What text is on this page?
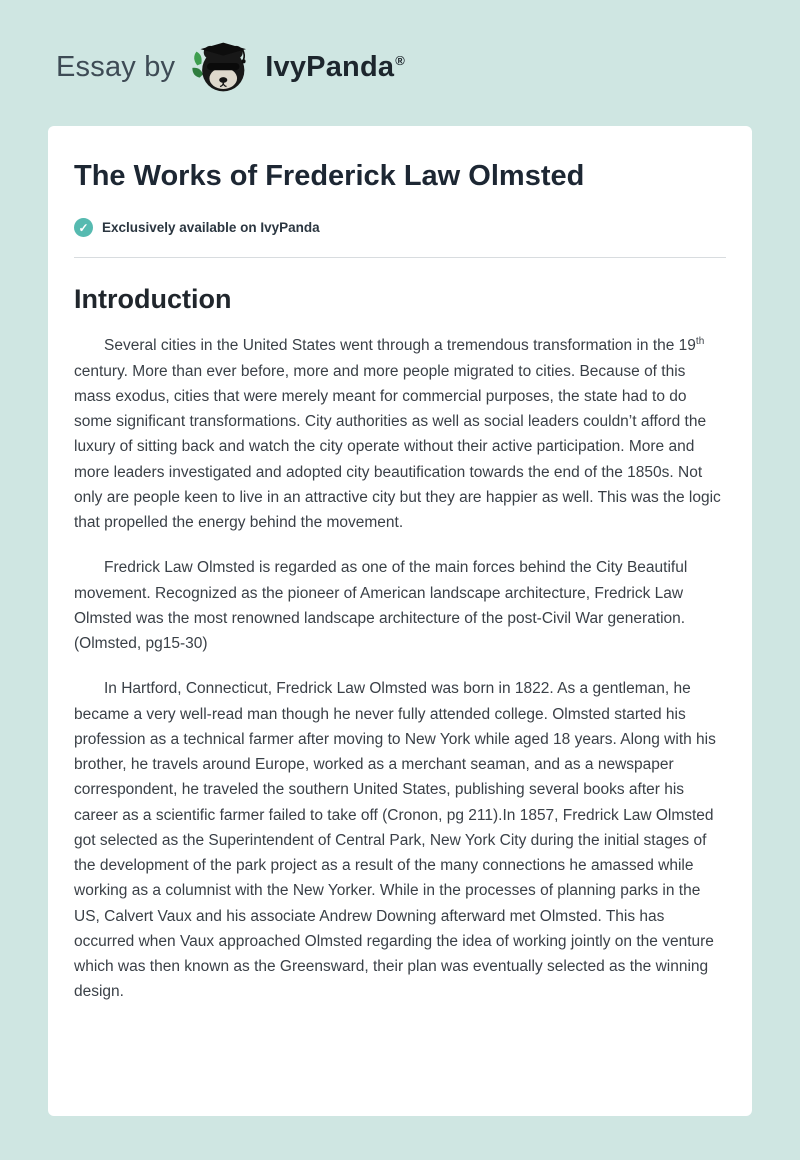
Essay by	IvyPanda ®
The Works of Frederick Law Olmsted
✓ Exclusively available on IvyPanda
Introduction

Several cities in the United States went through a tremendous transformation in the 19th century. More than ever before, more and more people migrated to cities. Because of this mass exodus, cities that were merely meant for commercial purposes, the state had to do some significant transformations. City authorities as well as social leaders couldn’t afford the luxury of sitting back and watch the city operate without their active participation. More and more leaders investigated and adopted city beautification towards the end of the 1850s. Not only are people keen to live in an attractive city but they are happier as well. This was the logic that propelled the energy behind the movement.

Fredrick Law Olmsted is regarded as one of the main forces behind the City Beautiful movement. Recognized as the pioneer of American landscape architecture, Fredrick Law Olmsted was the most renowned landscape architecture of the post-Civil War generation. (Olmsted, pg15-30)

In Hartford, Connecticut, Fredrick Law Olmsted was born in 1822. As a gentleman, he became a very well-read man though he never fully attended college. Olmsted started his profession as a technical farmer after moving to New York while aged 18 years. Along with his brother, he travels around Europe, worked as a merchant seaman, and as a newspaper correspondent, he traveled the southern United States, publishing several books after his career as a scientific farmer failed to take off (Cronon, pg 211).In 1857, Fredrick Law Olmsted got selected as the Superintendent of Central Park, New York City during the initial stages of the development of the park project as a result of the many connections he amassed while working as a columnist with the New Yorker. While in the processes of planning parks in the US, Calvert Vaux and his associate Andrew Downing afterward met Olmsted. This has occurred when Vaux approached Olmsted regarding the idea of working jointly on the venture which was then known as the Greensward, their plan was eventually selected as the winning design.
